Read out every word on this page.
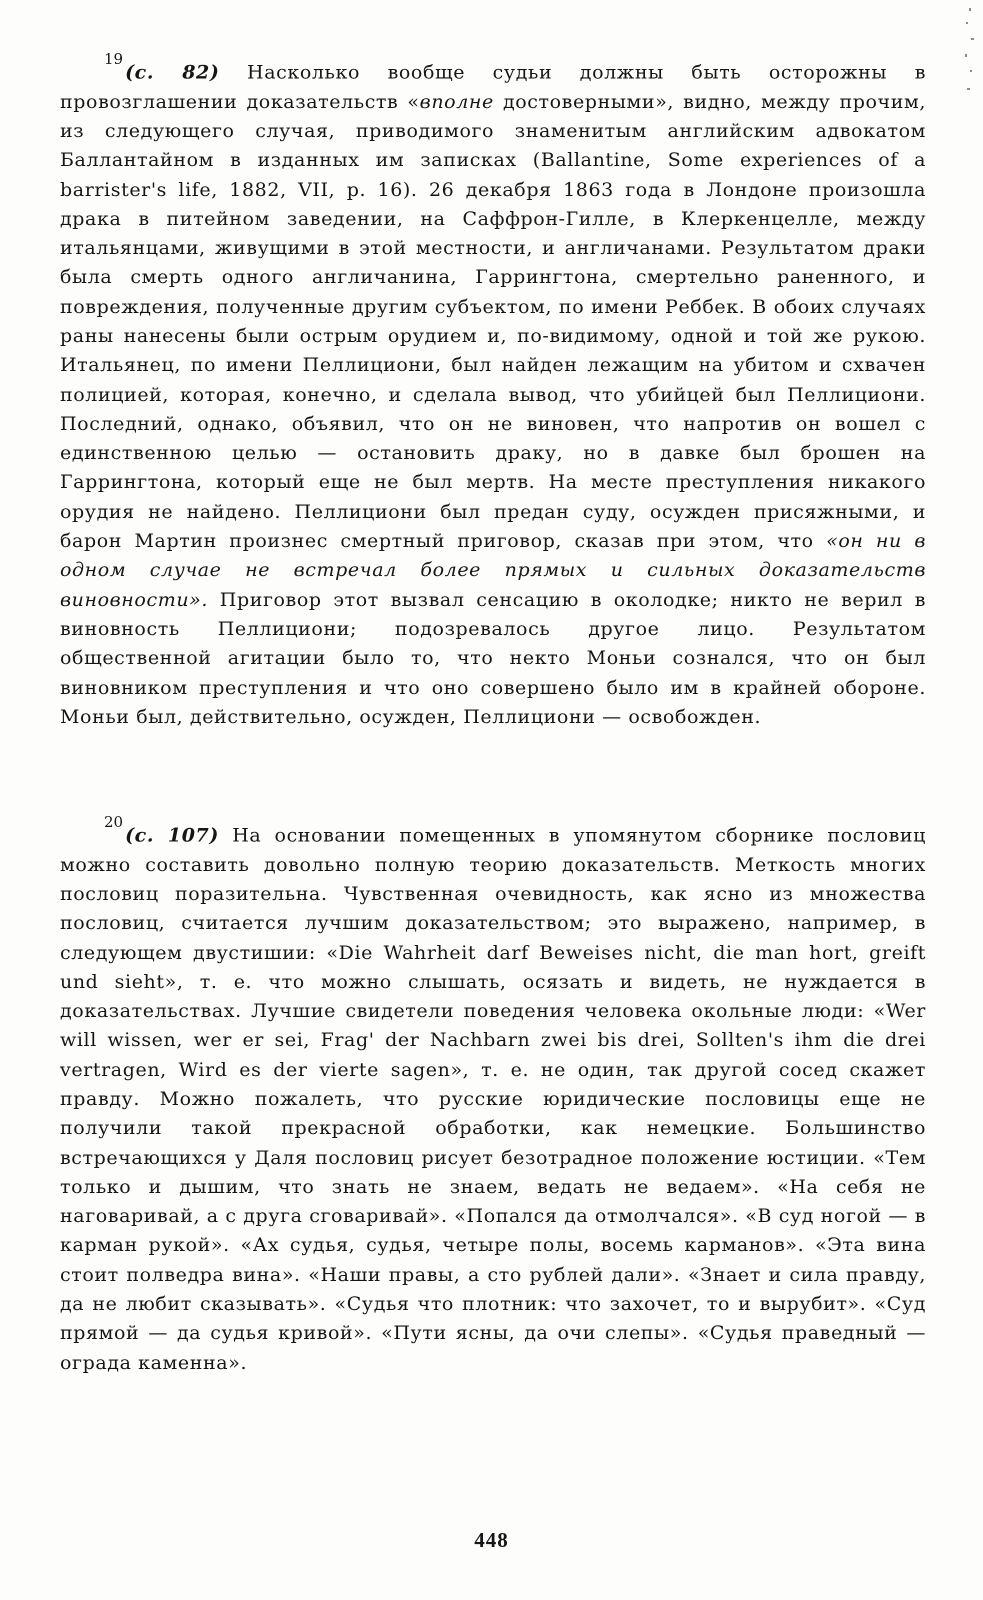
$^{19}$(с. 82) Насколько вообще судьи должны быть осторожны в провозглашении доказательств «вполне достоверными», видно, между прочим, из следующего случая, приводимого знаменитым английским адвокатом Баллантайном в изданных им записках (Ballantine, Some experiences of a barrister's life, 1882, VII, p. 16). 26 декабря 1863 года в Лондоне произошла драка в питейном заведении, на Саффрон-Гилле, в Клеркенцелле, между итальянцами, живущими в этой местности, и англичанами. Результатом драки была смерть одного англичанина, Гаррингтона, смертельно раненного, и повреждения, полученные другим субъектом, по имени Реббек. В обоих случаях раны нанесены были острым орудием и, по-видимому, одной и той же рукою. Итальянец, по имени Пеллициони, был найден лежащим на убитом и схвачен полицией, которая, конечно, и сделала вывод, что убийцей был Пеллициони. Последний, однако, объявил, что он не виновен, что напротив он вошел с единственною целью — остановить драку, но в давке был брошен на Гаррингтона, который еще не был мертв. На месте преступления никакого орудия не найдено. Пеллициони был предан суду, осужден присяжными, и барон Мартин произнес смертный приговор, сказав при этом, что «он ни в одном случае не встречал более прямых и сильных доказательств виновности». Приговор этот вызвал сенсацию в околодке; никто не верил в виновность Пеллициони; подозревалось другое лицо. Результатом общественной агитации было то, что некто Моньи сознался, что он был виновником преступления и что оно совершено было им в крайней обороне. Моньи был, действительно, осужден, Пеллициони — освобожден.

$^{20}$(с. 107) На основании помещенных в упомянутом сборнике пословиц можно составить довольно полную теорию доказательств. Меткость многих пословиц поразительна. Чувственная очевидность, как ясно из множества пословиц, считается лучшим доказательством; это выражено, например, в следующем двустишии: «Die Wahrheit darf Beweises nicht, die man hort, greift und sieht», т. е. что можно слышать, осязать и видеть, не нуждается в доказательствах. Лучшие свидетели поведения человека окольные люди: «Wer will wissen, wer er sei, Frag' der Nachbarn zwei bis drei, Sollten's ihm die drei vertragen, Wird es der vierte sagen», т. е. не один, так другой сосед скажет правду. Можно пожалеть, что русские юридические пословицы еще не получили такой прекрасной обработки, как немецкие. Большинство встречающихся у Даля пословиц рисует безотрадное положение юстиции. «Тем только и дышим, что знать не знаем, ведать не ведаем». «На себя не наговаривай, а с друга сговаривай». «Попался да отмолчался». «В суд ногой — в карман рукой». «Ах судья, судья, четыре полы, восемь карманов». «Эта вина стоит полведра вина». «Наши правы, а сто рублей дали». «Знает и сила правду, да не любит сказывать». «Судья что плотник: что захочет, то и вырубит». «Суд прямой — да судья кривой». «Пути ясны, да очи слепы». «Судья праведный — ограда каменна».

448
